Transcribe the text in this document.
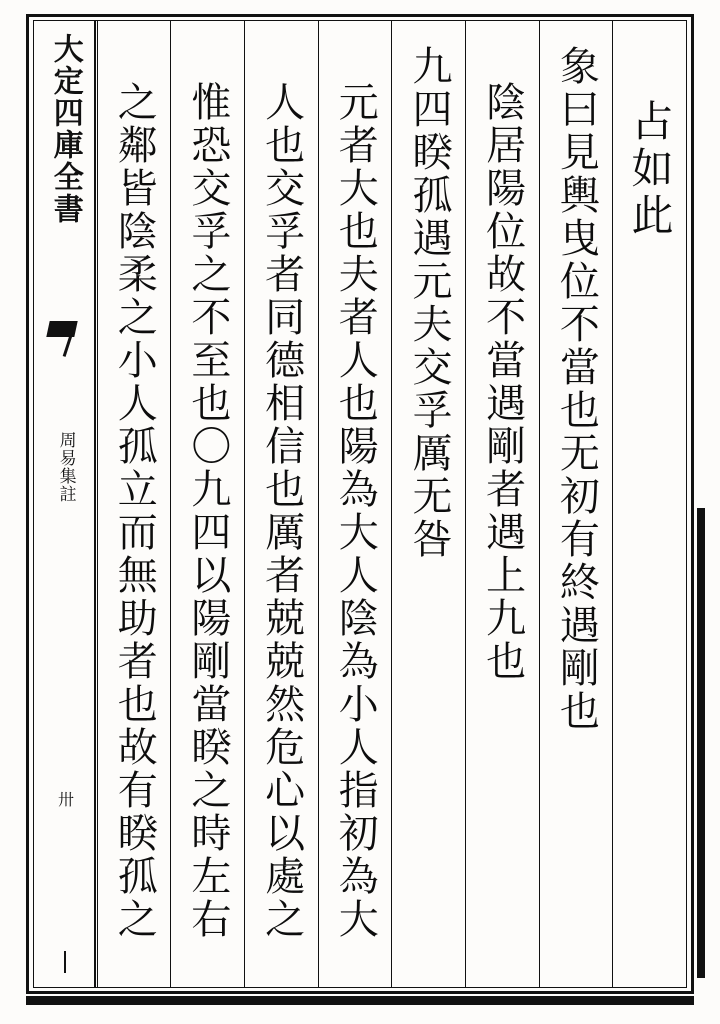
大定四庫全書
周易集註
卅
占如此
象曰見輿曳位不當也无初有終遇剛也
陰居陽位故不當遇剛者遇上九也
九四睽孤遇元夫交孚厲无咎
元者大也夫者人也陽為大人陰為小人指初為大
人也交孚者同德相信也厲者兢兢然危心以處之
惟恐交孚之不至也〇九四以陽剛當睽之時左右
之鄰皆陰柔之小人孤立而無助者也故有睽孤之
